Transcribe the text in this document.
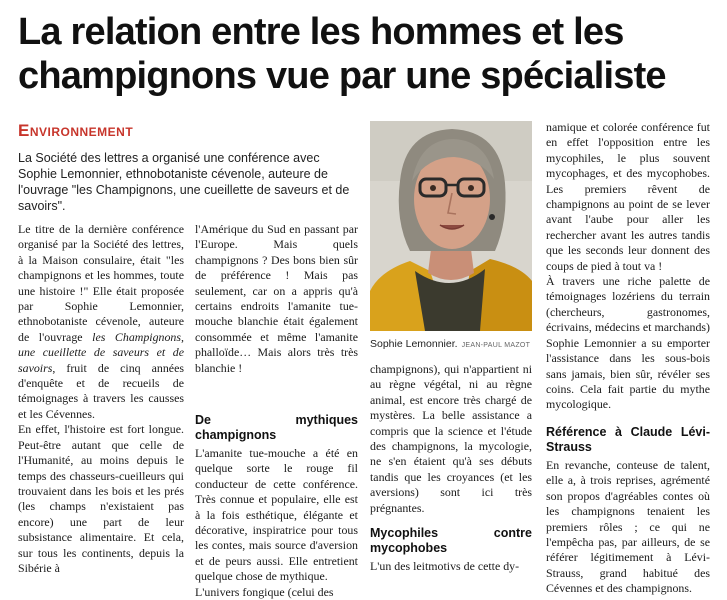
La relation entre les hommes et les champignons vue par une spécialiste
Environnement
La Société des lettres a organisé une conférence avec Sophie Lemonnier, ethnobotaniste cévenole, auteure de l'ouvrage "les Champignons, une cueillette de saveurs et de savoirs".

Le titre de la dernière conférence organisé par la Société des lettres, à la Maison consulaire, était "les champignons et les hommes, toute une histoire !" Elle était proposée par Sophie Lemonnier, ethnobotaniste cévenole, auteure de l'ouvrage les Champignons, une cueillette de saveurs et de savoirs, fruit de cinq années d'enquête et de recueils de témoignages à travers les causses et les Cévennes.

En effet, l'histoire est fort longue. Peut-être autant que celle de l'Humanité, au moins depuis le temps des chasseurs-cueilleurs qui trouvaient dans les bois et les prés (les champs n'existaient pas encore) une part de leur subsistance alimentaire. Et cela, sur tous les continents, depuis la Sibérie à

l'Amérique du Sud en passant par l'Europe. Mais quels champignons ? Des bons bien sûr de préférence ! Mais pas seulement, car on a appris qu'à certains endroits l'amanite tue-mouche blanchie était également consommée et même l'amanite phalloïde… Mais alors très très blanchie !

De mythiques champignons

L'amanite tue-mouche a été en quelque sorte le rouge fil conducteur de cette conférence. Très connue et populaire, elle est à la fois esthétique, élégante et décorative, inspiratrice pour tous les contes, mais source d'aversion et de peurs aussi. Elle entretient quelque chose de mythique.

L'univers fongique (celui des

Sophie Lemonnier. JEAN-PAUL MAZOT

champignons), qui n'appartient ni au règne végétal, ni au règne animal, est encore très chargé de mystères. La belle assistance a compris que la science et l'étude des champignons, la mycologie, ne s'en étaient qu'à ses débuts tandis que les croyances (et les aversions) sont ici très prégnantes.

Mycophiles contre mycophobes

L'un des leitmotivs de cette dy-

namique et colorée conférence fut en effet l'opposition entre les mycophiles, le plus souvent mycophages, et des mycophobes. Les premiers rêvent de champignons au point de se lever avant l'aube pour aller les rechercher avant les autres tandis que les seconds leur donnent des coups de pied à tout va !

À travers une riche palette de témoignages lozériens du terrain (chercheurs, gastronomes, écrivains, médecins et marchands) Sophie Lemonnier a su emporter l'assistance dans les sous-bois sans jamais, bien sûr, révéler ses coins. Cela fait partie du mythe mycologique.

Référence à Claude Lévi-Strauss

En revanche, conteuse de talent, elle a, à trois reprises, agrémenté son propos d'agréables contes où les champignons tenaient les premiers rôles ; ce qui ne l'empêcha pas, par ailleurs, de se référer légitimement à Lévi-Strauss, grand habitué des Cévennes et des champignons.
